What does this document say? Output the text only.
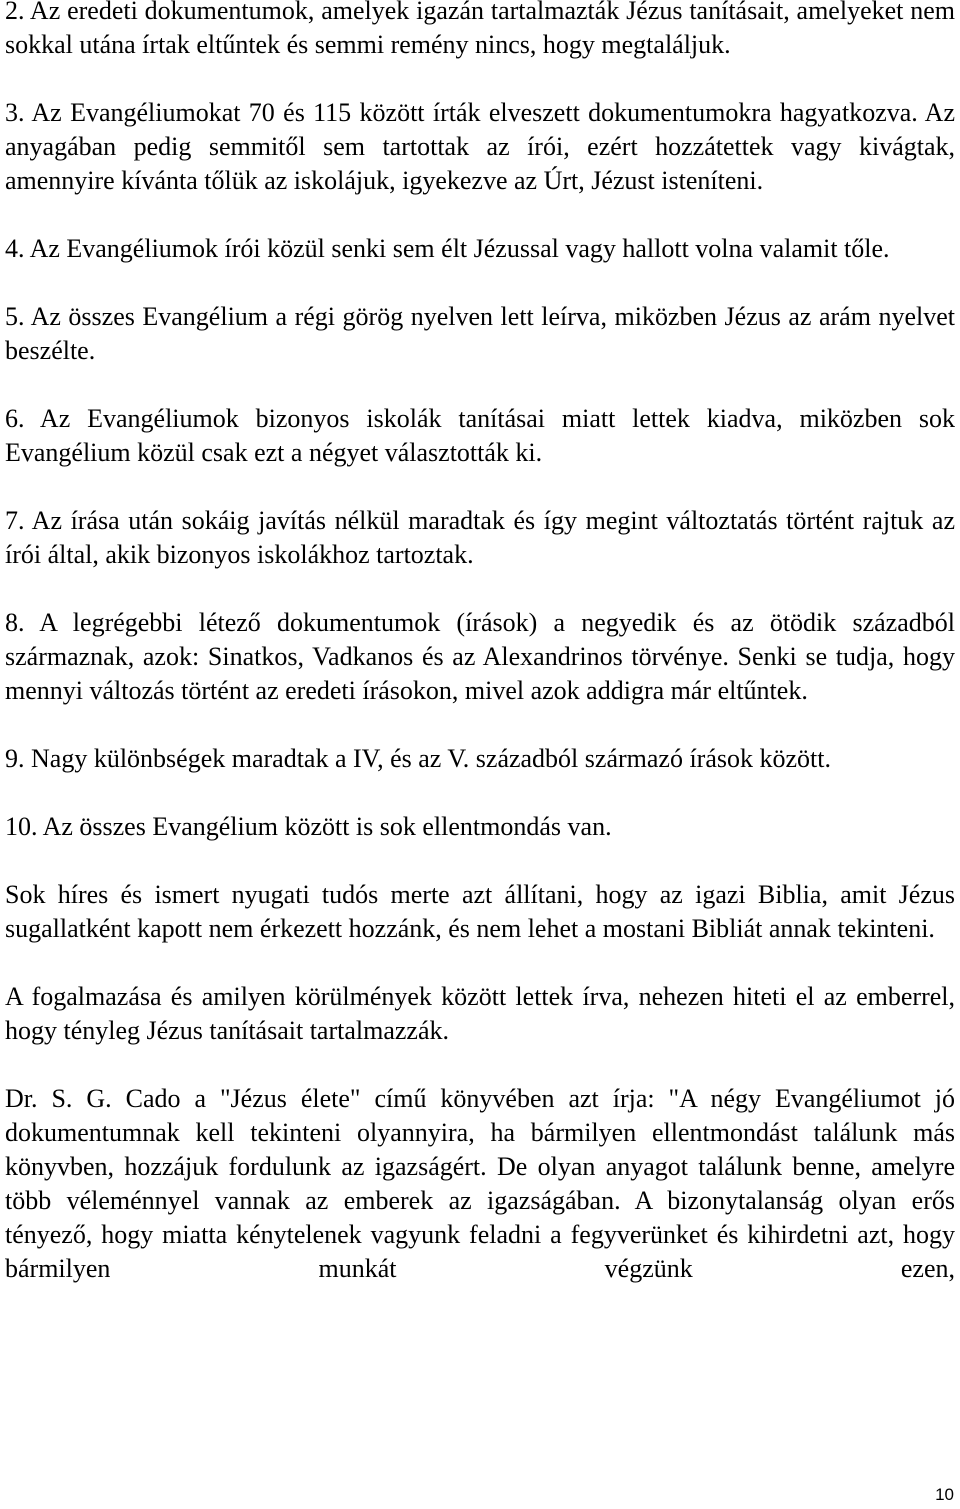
2. Az eredeti dokumentumok, amelyek igazán tartalmazták Jézus tanításait, amelyeket nem sokkal utána írtak eltűntek és semmi remény nincs, hogy megtaláljuk.

3. Az Evangéliumokat 70 és 115 között írták elveszett dokumentumokra hagyatkozva. Az anyagában pedig semmitől sem tartottak az írói, ezért hozzátettek vagy kivágtak, amennyire kívánta tőlük az iskolájuk, igyekezve az Úrt, Jézust isteníteni.

4. Az Evangéliumok írói közül senki sem élt Jézussal vagy hallott volna valamit tőle.

5. Az összes Evangélium a régi görög nyelven lett leírva, miközben Jézus az arám nyelvet beszélte.

6. Az Evangéliumok bizonyos iskolák tanításai miatt lettek kiadva, miközben sok Evangélium közül csak ezt a négyet választották ki.

7. Az írása után sokáig javítás nélkül maradtak és így megint változtatás történt rajtuk az írói által, akik bizonyos iskolákhoz tartoztak.

8. A legrégebbi létező dokumentumok (írások) a negyedik és az ötödik századból származnak, azok: Sinatkos, Vadkanos és az Alexandrinos törvénye. Senki se tudja, hogy mennyi változás történt az eredeti írásokon, mivel azok addigra már eltűntek.

9. Nagy különbségek maradtak a IV, és az V. századból származó írások között.

10. Az összes Evangélium között is sok ellentmondás van.

Sok híres és ismert nyugati tudós merte azt állítani, hogy az igazi Biblia, amit Jézus sugallatként kapott nem érkezett hozzánk, és nem lehet a mostani Bibliát annak tekinteni.

A fogalmazása és amilyen körülmények között lettek írva, nehezen hiteti el az emberrel, hogy tényleg Jézus tanításait tartalmazzák.

Dr. S. G. Cado a "Jézus élete" című könyvében azt írja: "A négy Evangéliumot jó dokumentumnak kell tekinteni olyannyira, ha bármilyen ellentmondást találunk más könyvben, hozzájuk fordulunk az igazságért. De olyan anyagot találunk benne, amelyre több véleménnyel vannak az emberek az igazságában. A bizonytalanság olyan erős tényező, hogy miatta kénytelenek vagyunk feladni a fegyverünket és kihirdetni azt, hogy bármilyen munkát végzünk ezen,

10
